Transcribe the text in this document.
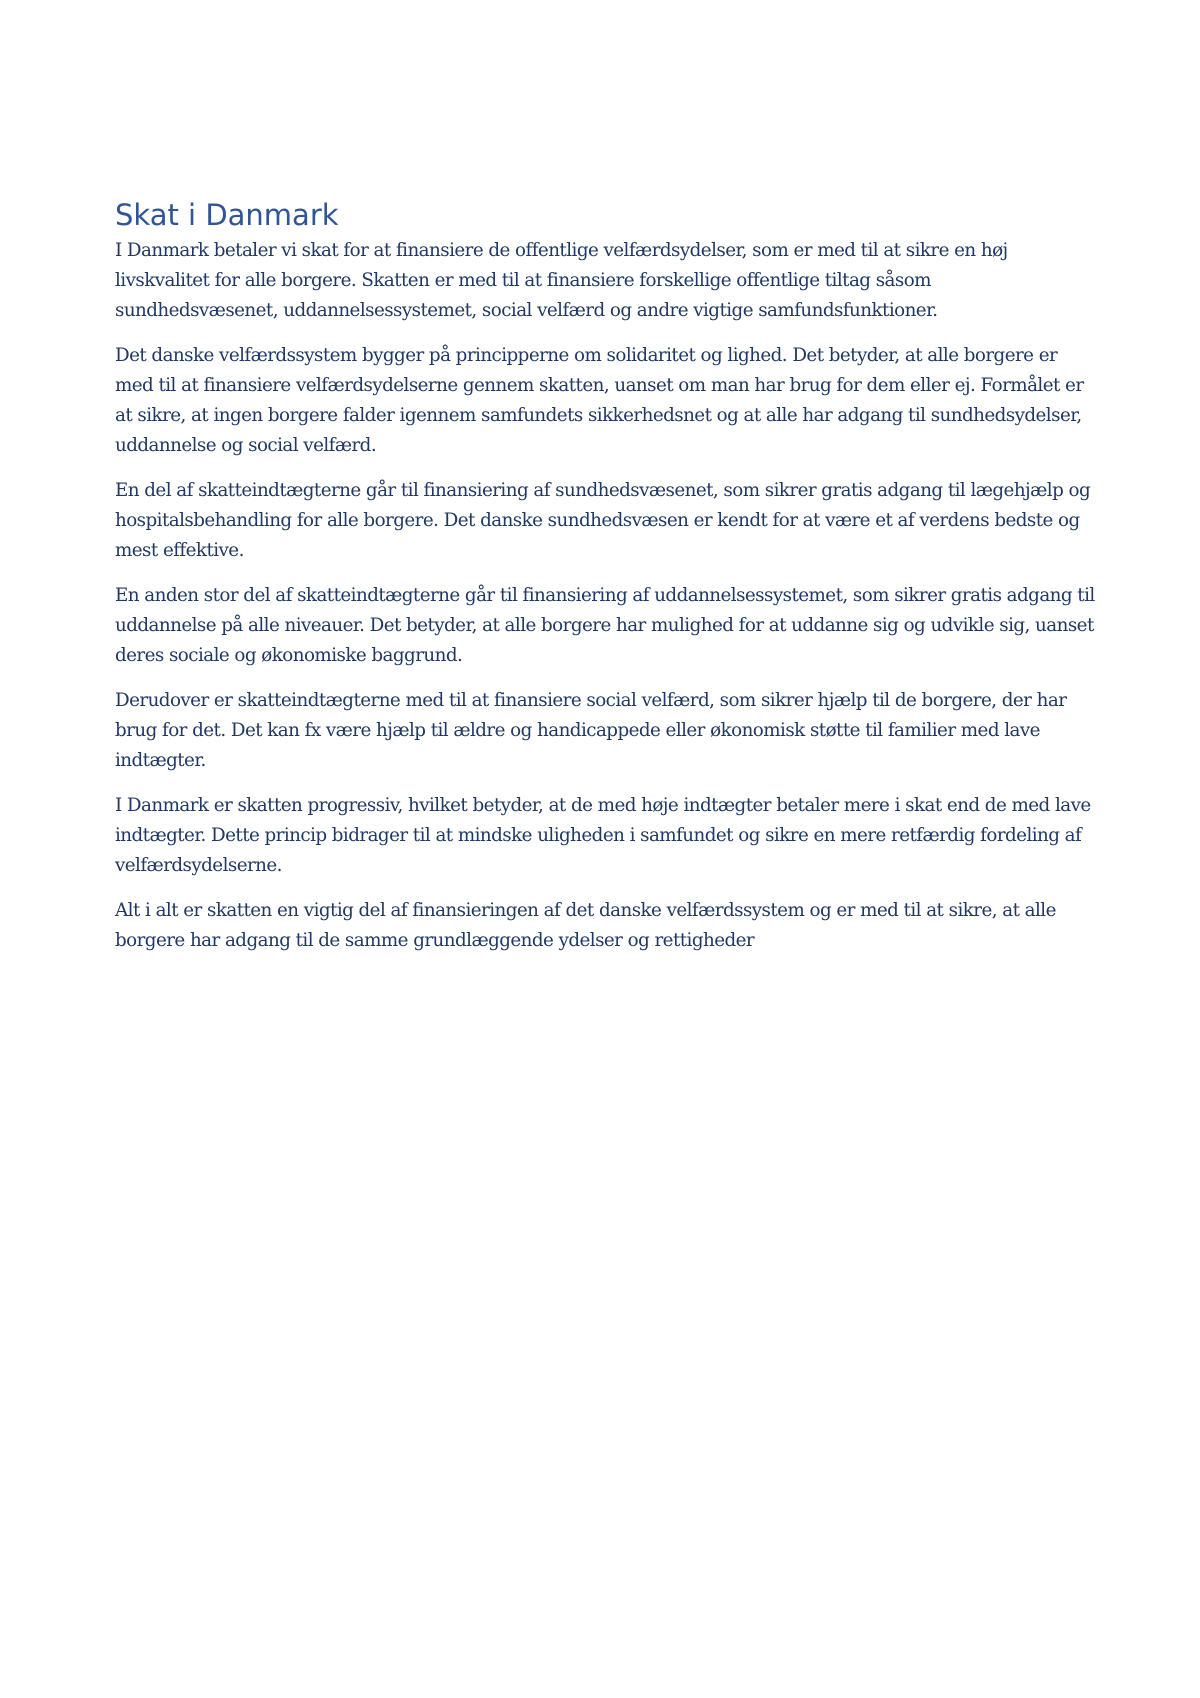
Skat i Danmark

I Danmark betaler vi skat for at finansiere de offentlige velfærdsydelser, som er med til at sikre en høj livskvalitet for alle borgere. Skatten er med til at finansiere forskellige offentlige tiltag såsom sundhedsvæsenet, uddannelsessystemet, social velfærd og andre vigtige samfundsfunktioner.

Det danske velfærdssystem bygger på principperne om solidaritet og lighed. Det betyder, at alle borgere er med til at finansiere velfærdsydelserne gennem skatten, uanset om man har brug for dem eller ej. Formålet er at sikre, at ingen borgere falder igennem samfundets sikkerhedsnet og at alle har adgang til sundhedsydelser, uddannelse og social velfærd.

En del af skatteindtægterne går til finansiering af sundhedsvæsenet, som sikrer gratis adgang til lægehjælp og hospitalsbehandling for alle borgere. Det danske sundhedsvæsen er kendt for at være et af verdens bedste og mest effektive.

En anden stor del af skatteindtægterne går til finansiering af uddannelsessystemet, som sikrer gratis adgang til uddannelse på alle niveauer. Det betyder, at alle borgere har mulighed for at uddanne sig og udvikle sig, uanset deres sociale og økonomiske baggrund.

Derudover er skatteindtægterne med til at finansiere social velfærd, som sikrer hjælp til de borgere, der har brug for det. Det kan fx være hjælp til ældre og handicappede eller økonomisk støtte til familier med lave indtægter.

I Danmark er skatten progressiv, hvilket betyder, at de med høje indtægter betaler mere i skat end de med lave indtægter. Dette princip bidrager til at mindske uligheden i samfundet og sikre en mere retfærdig fordeling af velfærdsydelserne.

Alt i alt er skatten en vigtig del af finansieringen af det danske velfærdssystem og er med til at sikre, at alle borgere har adgang til de samme grundlæggende ydelser og rettigheder
